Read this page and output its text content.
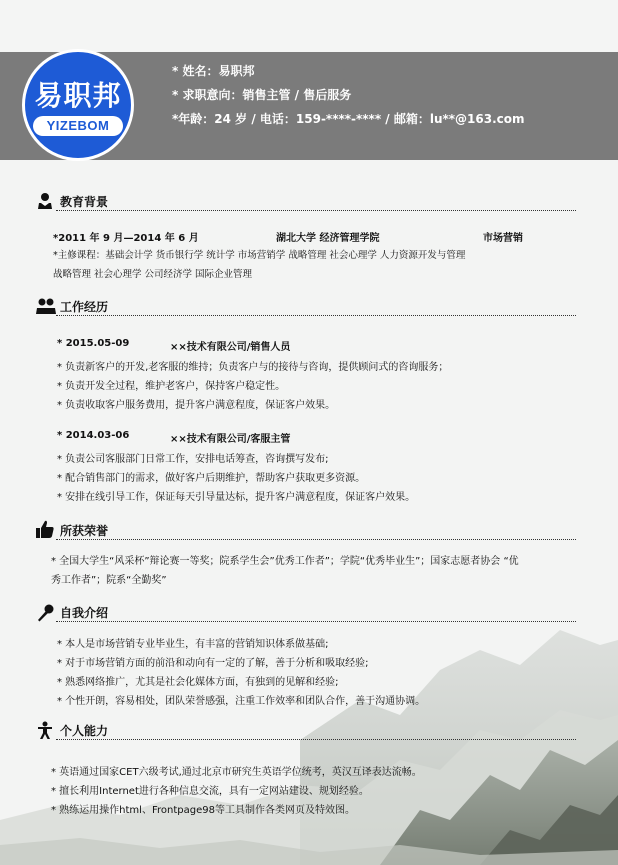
易职邦
YIZEBOM
* 姓名：易职邦
* 求职意向：销售主管 / 售后服务
*年龄：24 岁 / 电话：159-****-**** / 邮箱：lu**@163.com
教育背景
*2011 年 9 月—2014 年 6 月	湖北大学 经济管理学院	市场营销
*主修课程：基础会计学 货币银行学 统计学 市场营销学 战略管理 社会心理学 人力资源开发与管理
战略管理 社会心理学 公司经济学 国际企业管理
工作经历
* 2015.05-09	××技术有限公司/销售人员
* 负责新客户的开发,老客服的维持；负责客户与的接待与咨询，提供顾问式的咨询服务；
* 负责开发全过程，维护老客户，保持客户稳定性。
* 负责收取客户服务费用，提升客户满意程度，保证客户效果。
* 2014.03-06	××技术有限公司/客服主管
* 负责公司客服部门日常工作，安排电话筹查，咨询撰写发布;
* 配合销售部门的需求，做好客户后期维护，帮助客户获取更多资源。
* 安排在线引导工作，保证每天引导量达标，提升客户满意程度，保证客户效果。
所获荣誉
* 全国大学生“风采杯”辩论赛一等奖；院系学生会”优秀工作者”；学院“优秀毕业生”；国家志愿者协会 “优
秀工作者”；院系“全勤奖”
自我介绍
* 本人是市场营销专业毕业生，有丰富的营销知识体系做基础;
* 对于市场营销方面的前沿和动向有一定的了解，善于分析和吸取经验;
* 熟悉网络推广，尤其是社会化媒体方面，有独到的见解和经验;
* 个性开朗，容易相处，团队荣誉感强，注重工作效率和团队合作，善于沟通协调。
个人能力
* 英语通过国家CET六级考试,通过北京市研究生英语学位统考，英汉互译表达流畅。
* 擅长利用Internet进行各种信息交流，具有一定网站建设、规划经验。
* 熟练运用操作html、Frontpage98等工具制作各类网页及特效图。
